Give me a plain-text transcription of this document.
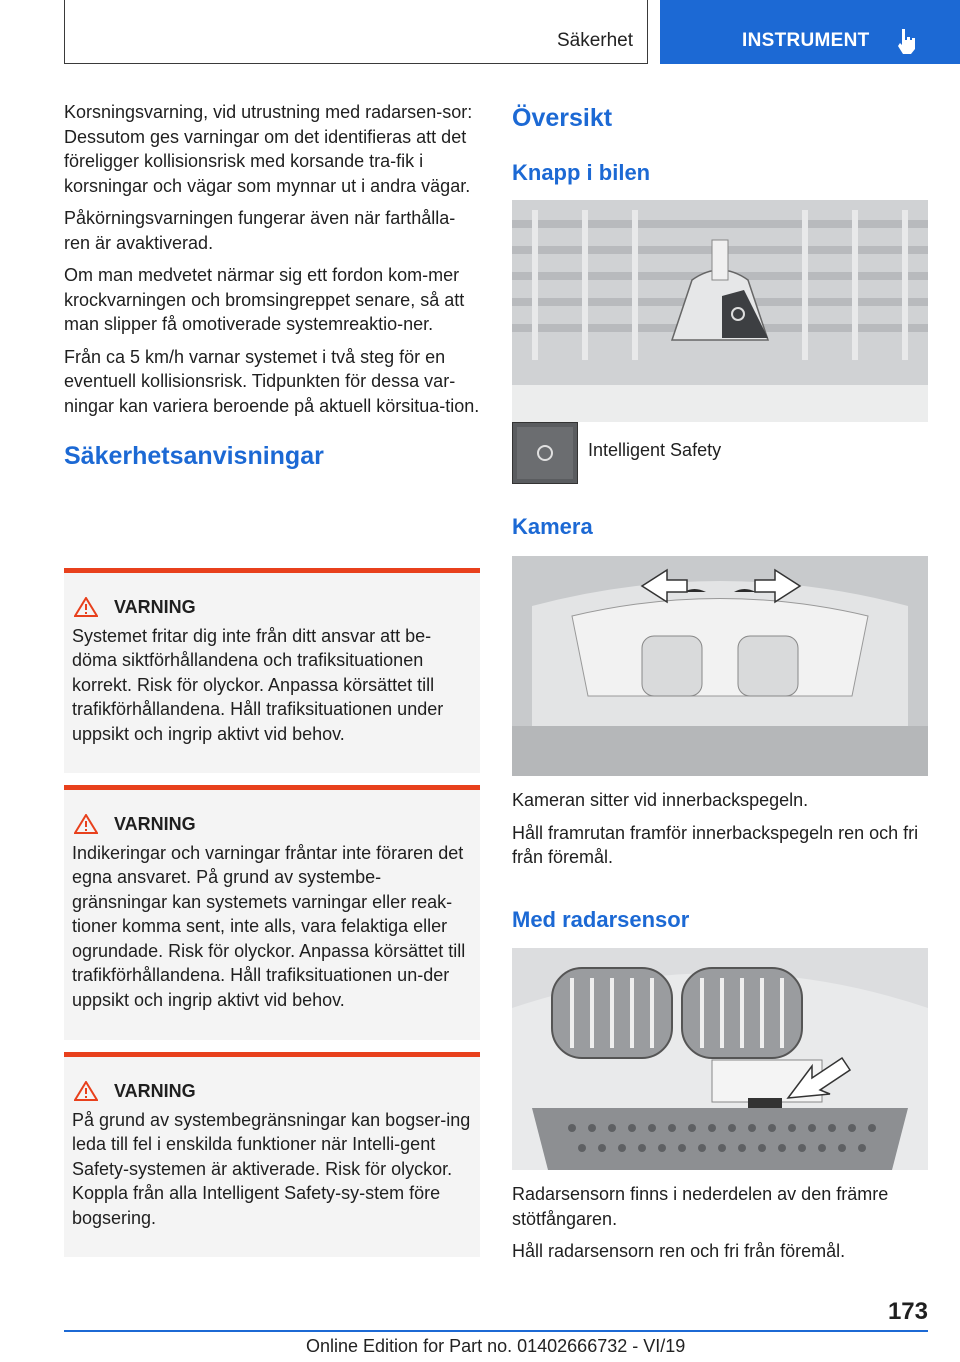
Säkerhet	INSTRUMENT

Korsningsvarning, vid utrustning med radarsen-sor: Dessutom ges varningar om det identifieras att det föreligger kollisionsrisk med korsande tra-fik i korsningar och vägar som mynnar ut i andra vägar.

Påkörningsvarningen fungerar även när farthålla-ren är avaktiverad.

Om man medvetet närmar sig ett fordon kom-mer krockvarningen och bromsingreppet senare, så att man slipper få omotiverade systemreaktio-ner.

Från ca 5 km/h varnar systemet i två steg för en eventuell kollisionsrisk. Tidpunkten för dessa var-ningar kan variera beroende på aktuell körsitua-tion.

Säkerhetsanvisningar
VARNING
Systemet fritar dig inte från ditt ansvar att be-döma siktförhållandena och trafiksituationen korrekt. Risk för olyckor. Anpassa körsättet till trafikförhållandena. Håll trafiksituationen under uppsikt och ingrip aktivt vid behov.
VARNING
Indikeringar och varningar fråntar inte föraren det egna ansvaret. På grund av systembe-gränsningar kan systemets varningar eller reak-tioner komma sent, inte alls, vara felaktiga eller ogrundade. Risk för olyckor. Anpassa körsättet till trafikförhållandena. Håll trafiksituationen un-der uppsikt och ingrip aktivt vid behov.
VARNING
På grund av systembegränsningar kan bogser-ing leda till fel i enskilda funktioner när Intelli-gent Safety-systemen är aktiverade. Risk för olyckor. Koppla från alla Intelligent Safety-sy-stem före bogsering.
Översikt
Knapp i bilen
Intelligent Safety
Kamera

Kameran sitter vid innerbackspegeln.

Håll framrutan framför innerbackspegeln ren och fri från föremål.

Med radarsensor

Radarsensorn finns i nederdelen av den främre stötfångaren.

Håll radarsensorn ren och fri från föremål.

173
Online Edition for Part no. 01402666732 - VI/19
